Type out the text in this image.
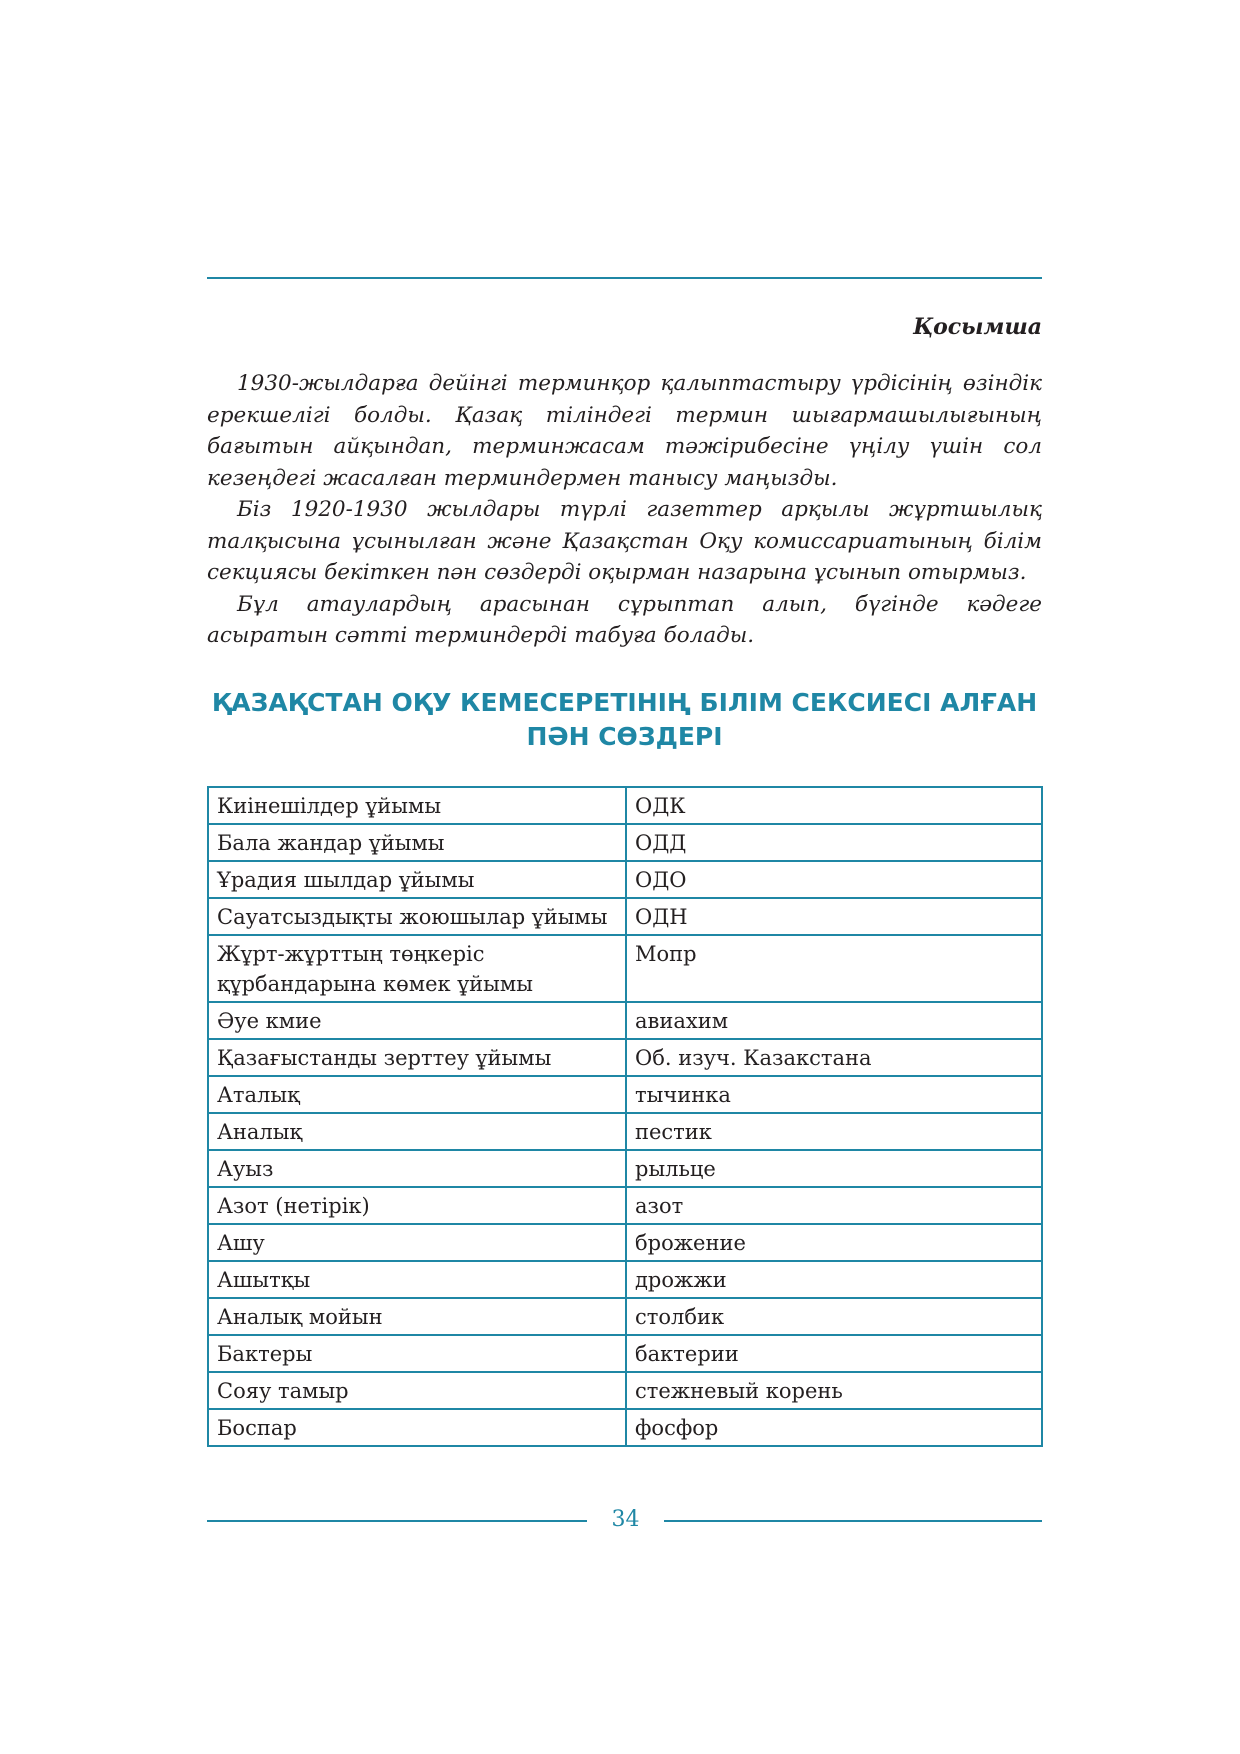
Қосымша

1930-жылдарға дейінгі терминқор қалыптастыру үрдісінің өзіндік ерекшелігі болды. Қазақ тіліндегі термин шығармашылығының бағытын айқындап, терминжасам тәжірибесіне үңілу үшін сол кезеңдегі жасалған терминдермен танысу маңызды.

Біз 1920-1930 жылдары түрлі газеттер арқылы жұртшылық талқысына ұсынылған және Қазақстан Оқу комиссариатының білім секциясы бекіткен пән сөздерді оқырман назарына ұсынып отырмыз.

Бұл атаулардың арасынан сұрыптап алып, бүгінде кәдеге асыратын сәтті терминдерді табуға болады.

ҚАЗАҚСТАН ОҚУ КЕМЕСЕРЕТІНІҢ БІЛІМ СЕКСИЕСІ АЛҒАН
ПӘН СӨЗДЕРІ
Киінешілдер ұйымы	ОДК
Бала жандар ұйымы	ОДД
Ұрадия шылдар ұйымы	ОДО
Сауатсыздықты жоюшылар ұйымы	ОДН
Жұрт-жұрттың төңкеріс құрбандарына көмек ұйымы	Мопр
Әуе кмие	авиахим
Қазағыстанды зерттеу ұйымы	Об. изуч. Казакстана
Аталық	тычинка
Аналық	пестик
Ауыз	рыльце
Азот (нетірік)	азот
Ашу	брожение
Ашытқы	дрожжи
Аналық мойын	столбик
Бактеры	бактерии
Сояу тамыр	стежневый корень
Боспар	фосфор
34
